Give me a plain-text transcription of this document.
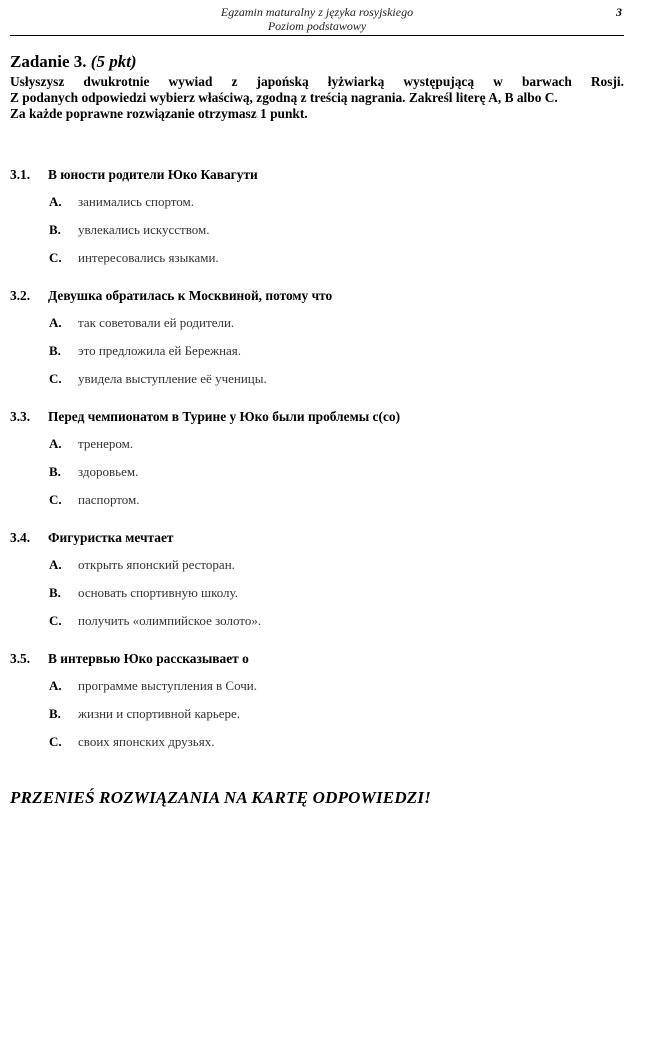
Egzamin maturalny z języka rosyjskiego
Poziom podstawowy
3
Zadanie 3. (5 pkt)

Usłyszysz dwukrotnie wywiad z japońską łyżwiarką występującą w barwach Rosji.

Z podanych odpowiedzi wybierz właściwą, zgodną z treścią nagrania. Zakreśl literę A, B albo C.

Za każde poprawne rozwiązanie otrzymasz 1 punkt.

3.1. В юности родители Юко Кавагути
A. занимались спортом.
B. увлекались искусством.
C. интересовались языками.
3.2. Девушка обратилась к Москвиной, потому что
A. так советовали ей родители.
B. это предложила ей Бережная.
C. увидела выступление её ученицы.
3.3. Перед чемпионатом в Турине у Юко были проблемы с(со)
A. тренером.
B. здоровьем.
C. паспортом.
3.4. Фигуристка мечтает
A. открыть японский ресторан.
B. основать спортивную школу.
C. получить «олимпийское золото».
3.5. В интервью Юко рассказывает о
A. программе выступления в Сочи.
B. жизни и спортивной карьере.
C. своих японских друзьях.
PRZENIEŚ ROZWIĄZANIA NA KARTĘ ODPOWIEDZI!
